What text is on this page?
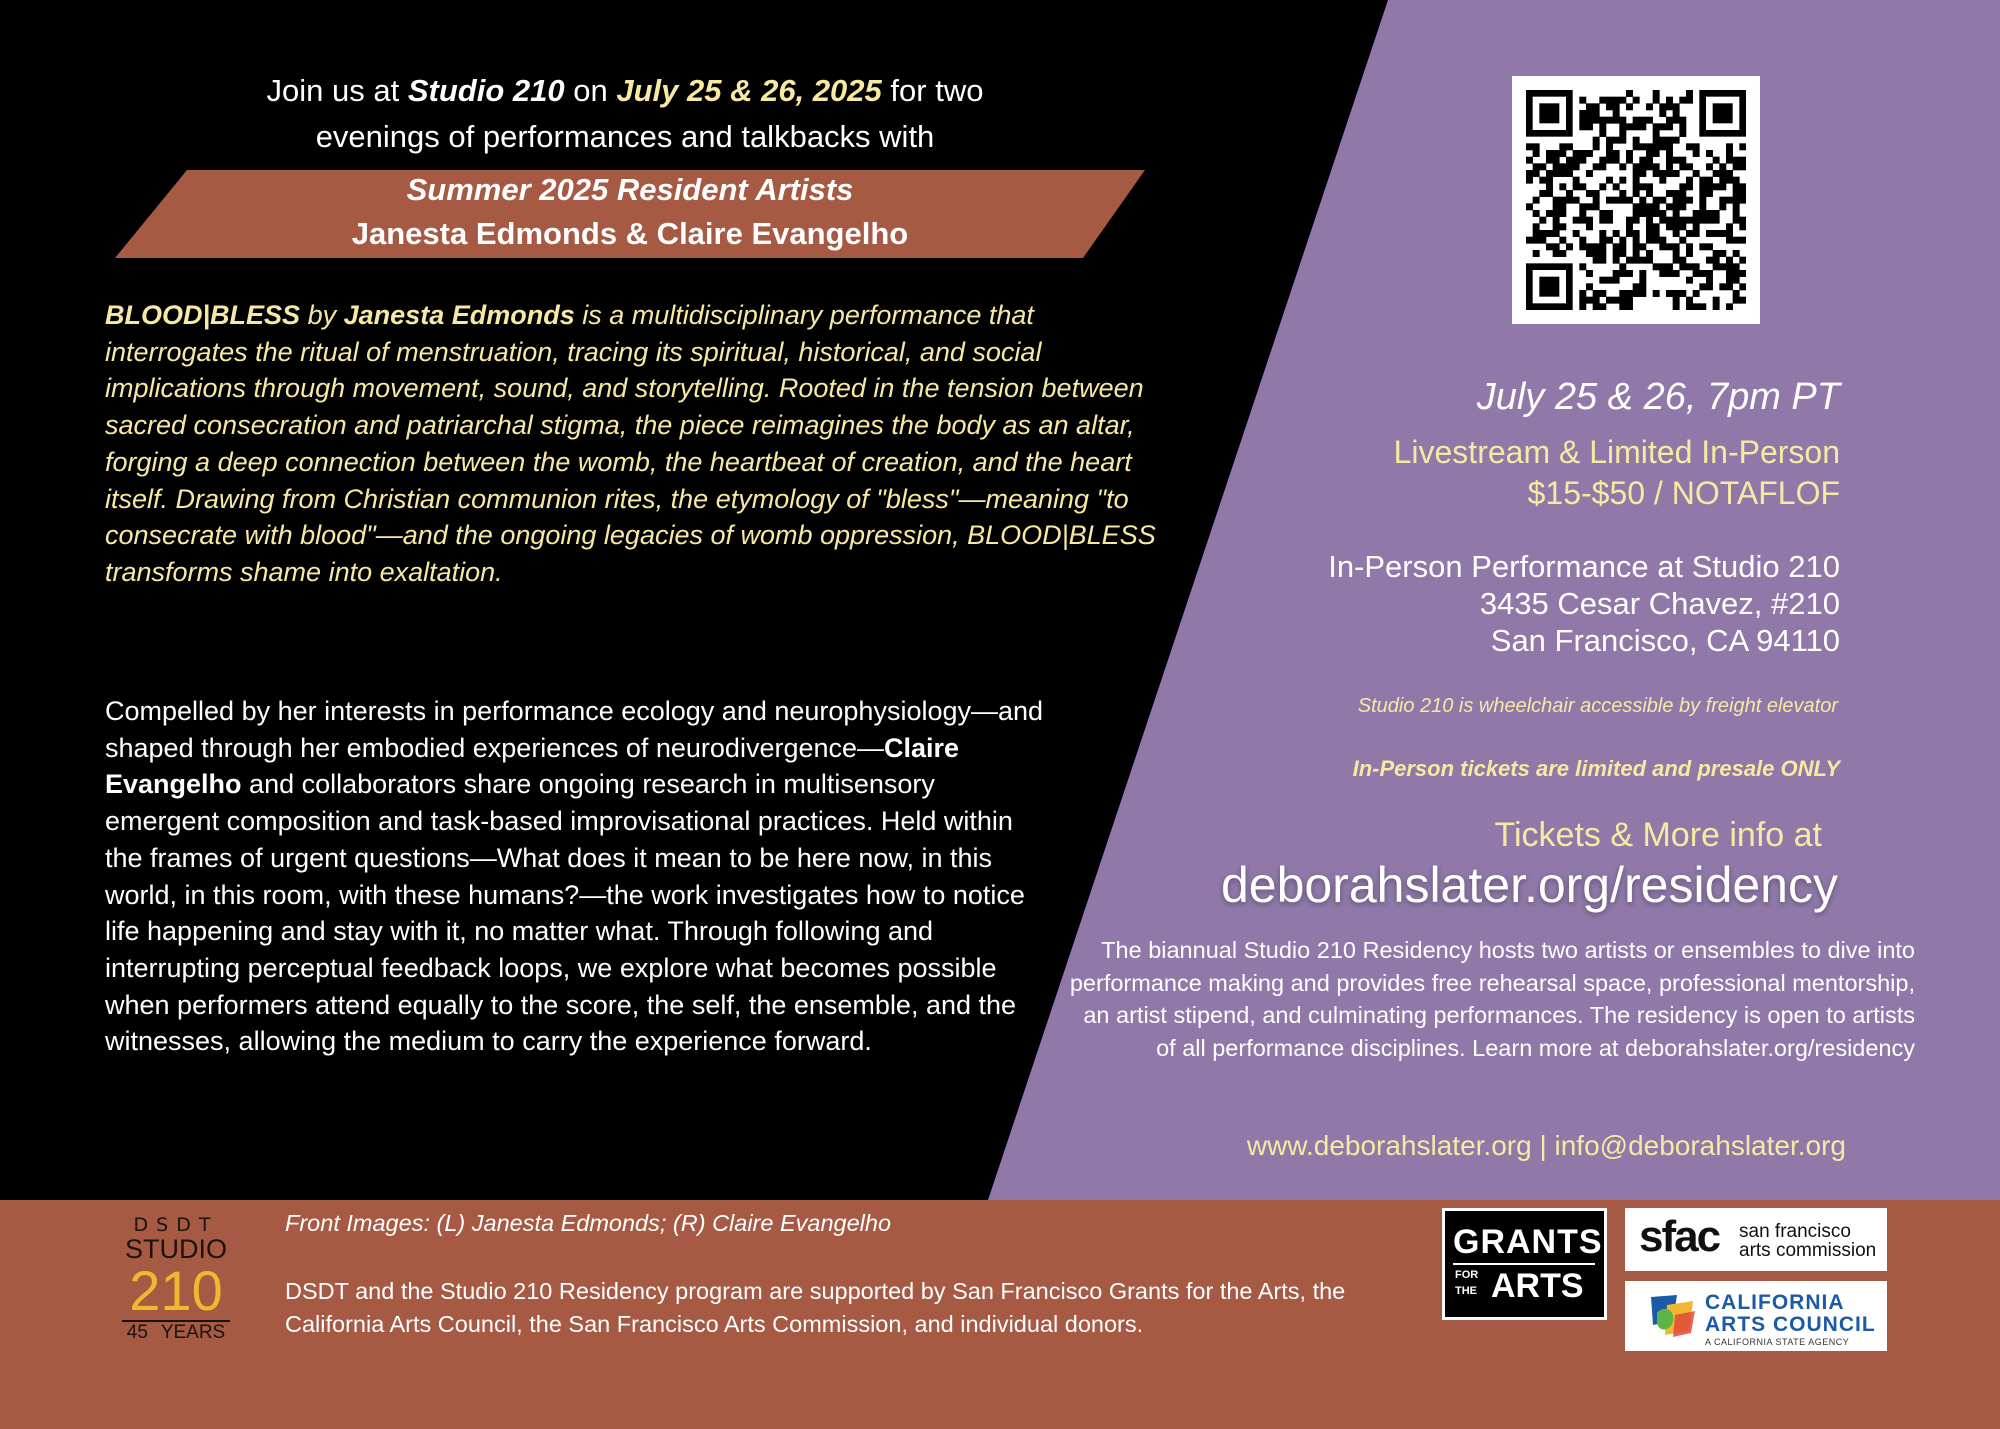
Join us at Studio 210 on July 25 & 26, 2025 for two
evenings of performances and talkbacks with
Summer 2025 Resident Artists
Janesta Edmonds & Claire Evangelho
BLOOD|BLESS by Janesta Edmonds is a multidisciplinary performance that interrogates the ritual of menstruation, tracing its spiritual, historical, and social implications through movement, sound, and storytelling. Rooted in the tension between sacred consecration and patriarchal stigma, the piece reimagines the body as an altar, forging a deep connection between the womb, the heartbeat of creation, and the heart itself. Drawing from Christian communion rites, the etymology of "bless"—meaning "to consecrate with blood"—and the ongoing legacies of womb oppression, BLOOD|BLESS transforms shame into exaltation.
Compelled by her interests in performance ecology and neurophysiology—and shaped through her embodied experiences of neurodivergence—Claire Evangelho and collaborators share ongoing research in multisensory emergent composition and task-based improvisational practices. Held within the frames of urgent questions—What does it mean to be here now, in this world, in this room, with these humans?—the work investigates how to notice life happening and stay with it, no matter what. Through following and interrupting perceptual feedback loops, we explore what becomes possible when performers attend equally to the score, the self, the ensemble, and the witnesses, allowing the medium to carry the experience forward.
July 25 & 26, 7pm PT
Livestream & Limited In-Person
$15-$50 / NOTAFLOF
In-Person Performance at Studio 210
3435 Cesar Chavez, #210
San Francisco, CA 94110
Studio 210 is wheelchair accessible by freight elevator
In-Person tickets are limited and presale ONLY
Tickets & More info at
deborahslater.org/residency
The biannual Studio 210 Residency hosts two artists or ensembles to dive into performance making and provides free rehearsal space, professional mentorship, an artist stipend, and culminating performances. The residency is open to artists of all performance disciplines. Learn more at deborahslater.org/residency
www.deborahslater.org | info@deborahslater.org
DSDT
STUDIO
210
45 YEARS
Front Images: (L) Janesta Edmonds; (R) Claire Evangelho
DSDT and the Studio 210 Residency program are supported by San Francisco Grants for the Arts, the California Arts Council, the San Francisco Arts Commission, and individual donors.
GRANTS
FOR
THE ARTS
sfac san francisco
arts commission
CALIFORNIA
ARTS COUNCIL
A CALIFORNIA STATE AGENCY
